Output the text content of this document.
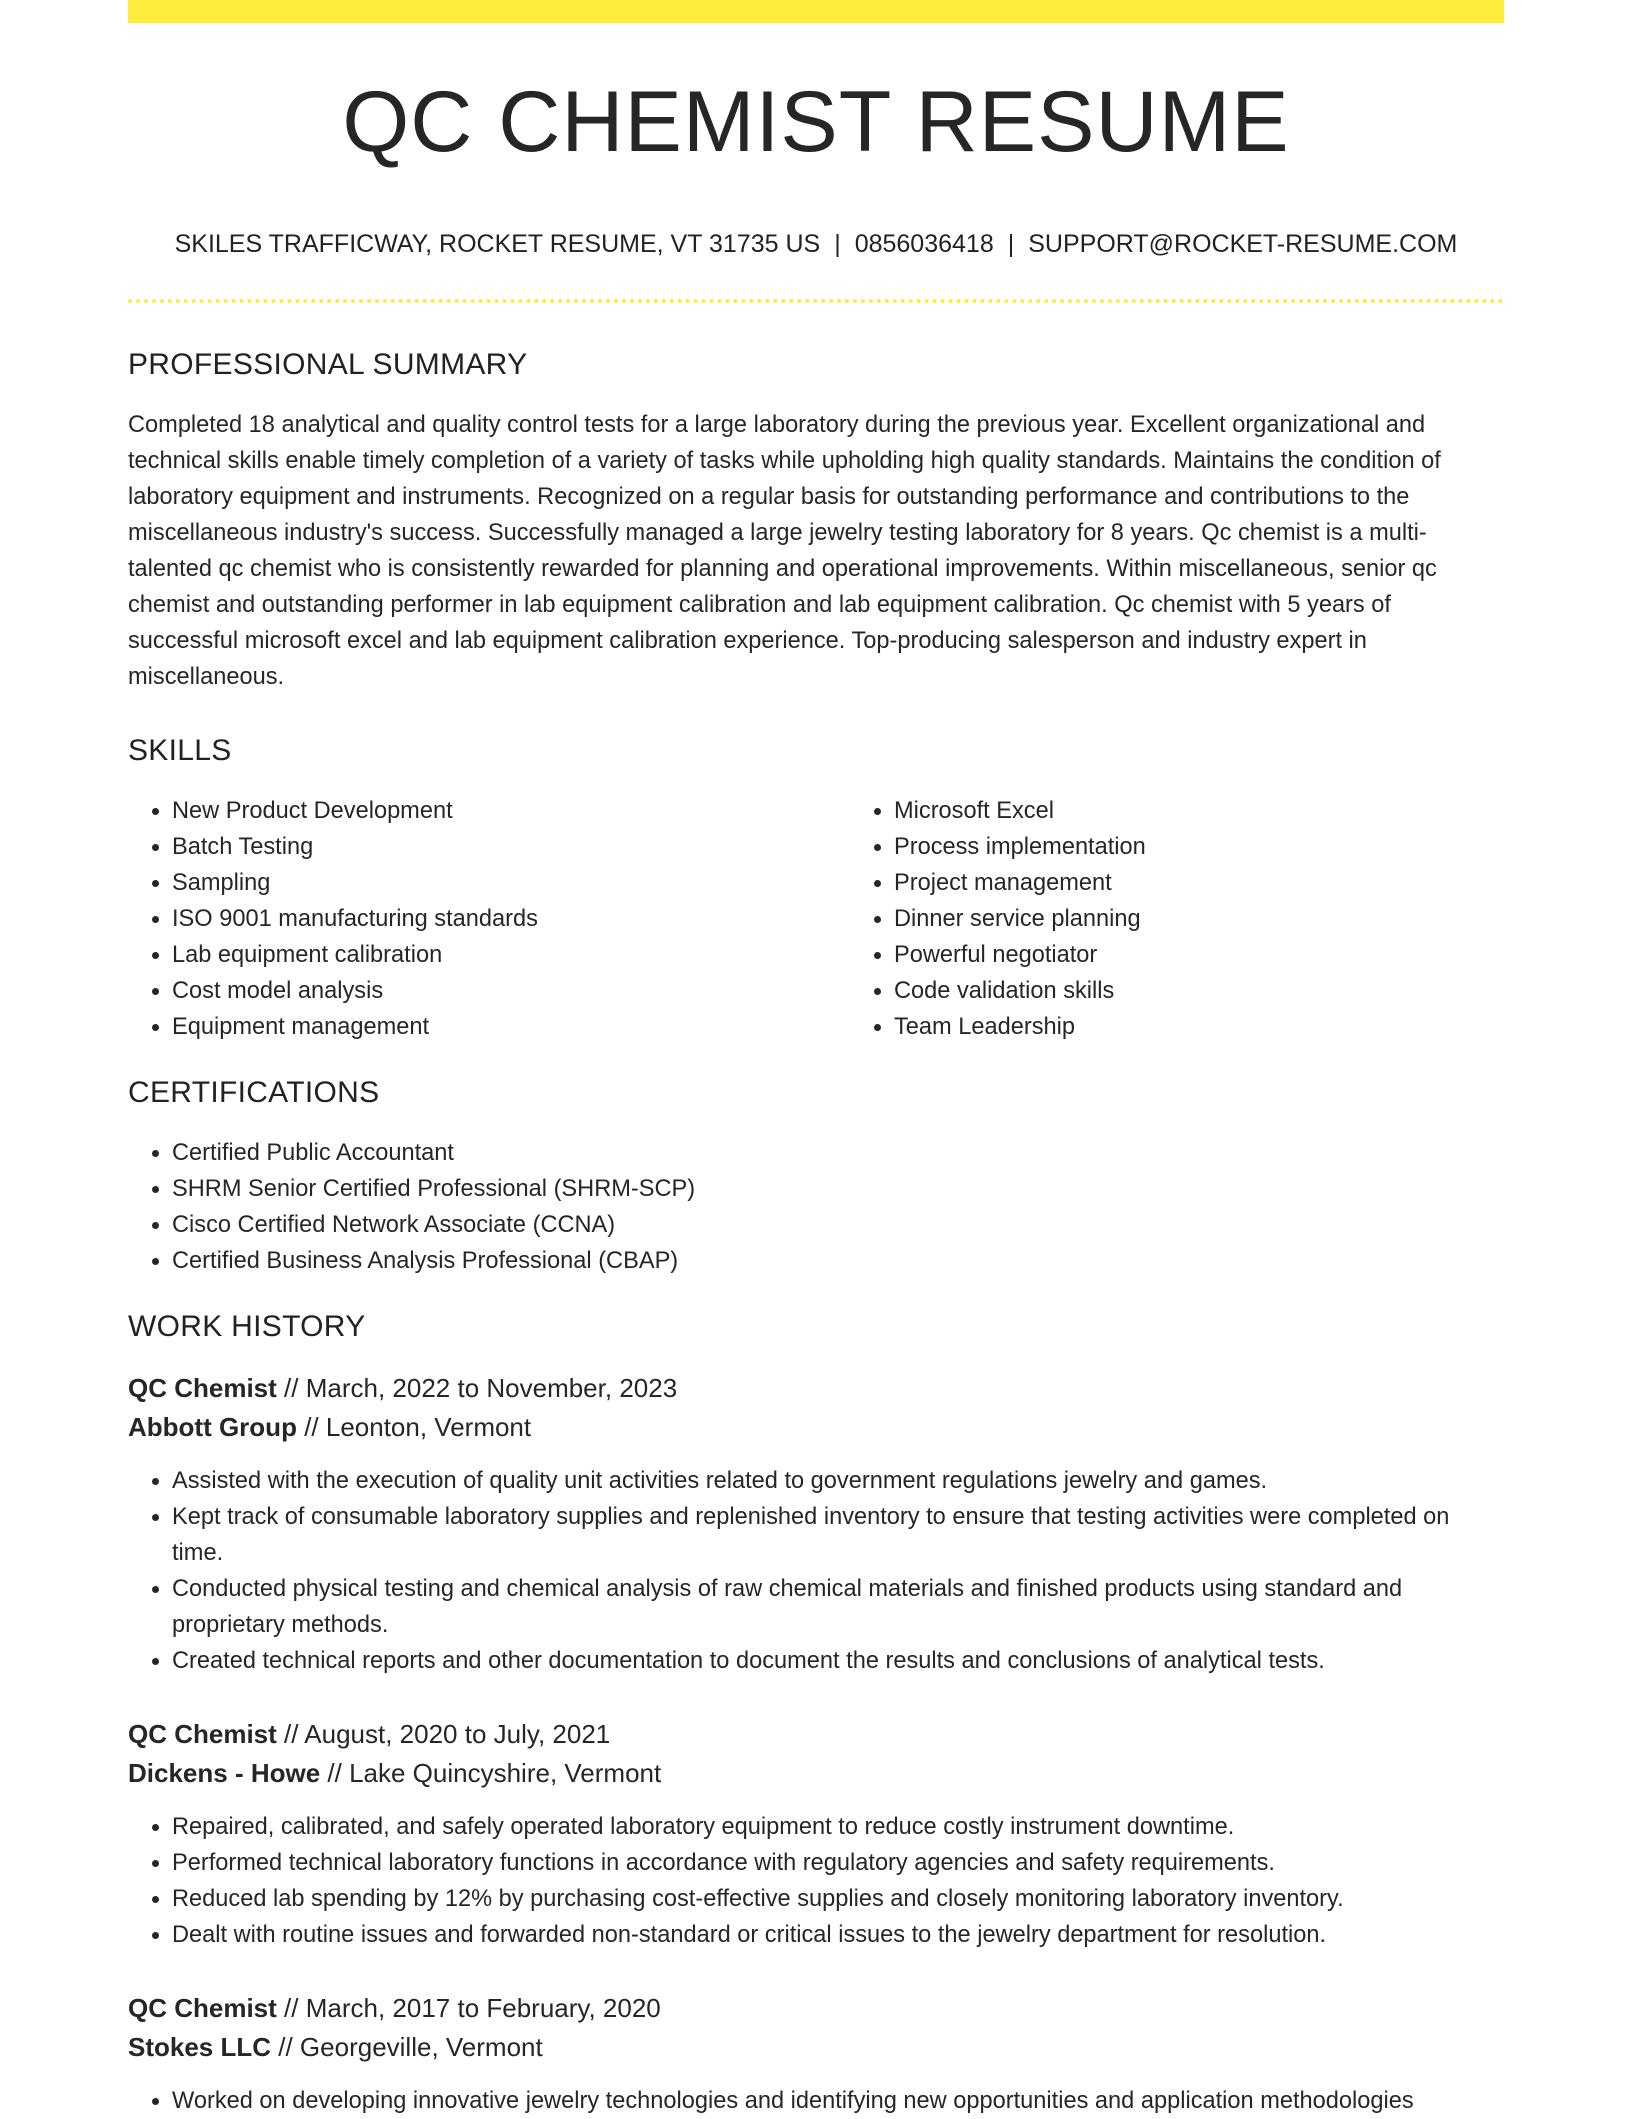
QC CHEMIST RESUME
SKILES TRAFFICWAY, ROCKET RESUME, VT 31735 US | 0856036418 | SUPPORT@ROCKET-RESUME.COM
PROFESSIONAL SUMMARY

Completed 18 analytical and quality control tests for a large laboratory during the previous year. Excellent organizational and technical skills enable timely completion of a variety of tasks while upholding high quality standards. Maintains the condition of laboratory equipment and instruments. Recognized on a regular basis for outstanding performance and contributions to the miscellaneous industry's success. Successfully managed a large jewelry testing laboratory for 8 years. Qc chemist is a multi-talented qc chemist who is consistently rewarded for planning and operational improvements. Within miscellaneous, senior qc chemist and outstanding performer in lab equipment calibration and lab equipment calibration. Qc chemist with 5 years of successful microsoft excel and lab equipment calibration experience. Top-producing salesperson and industry expert in miscellaneous.

SKILLS
• New Product Development
• Batch Testing
• Sampling
• ISO 9001 manufacturing standards
• Lab equipment calibration
• Cost model analysis
• Equipment management
• Microsoft Excel
• Process implementation
• Project management
• Dinner service planning
• Powerful negotiator
• Code validation skills
• Team Leadership
CERTIFICATIONS
• Certified Public Accountant
• SHRM Senior Certified Professional (SHRM-SCP)
• Cisco Certified Network Associate (CCNA)
• Certified Business Analysis Professional (CBAP)
WORK HISTORY
QC Chemist // March, 2022 to November, 2023
Abbott Group // Leonton, Vermont
• Assisted with the execution of quality unit activities related to government regulations jewelry and games.
• Kept track of consumable laboratory supplies and replenished inventory to ensure that testing activities were completed on time.
• Conducted physical testing and chemical analysis of raw chemical materials and finished products using standard and proprietary methods.
• Created technical reports and other documentation to document the results and conclusions of analytical tests.
QC Chemist // August, 2020 to July, 2021
Dickens - Howe // Lake Quincyshire, Vermont
• Repaired, calibrated, and safely operated laboratory equipment to reduce costly instrument downtime.
• Performed technical laboratory functions in accordance with regulatory agencies and safety requirements.
• Reduced lab spending by 12% by purchasing cost-effective supplies and closely monitoring laboratory inventory.
• Dealt with routine issues and forwarded non-standard or critical issues to the jewelry department for resolution.
QC Chemist // March, 2017 to February, 2020
Stokes LLC // Georgeville, Vermont
• Worked on developing innovative jewelry technologies and identifying new opportunities and application methodologies
